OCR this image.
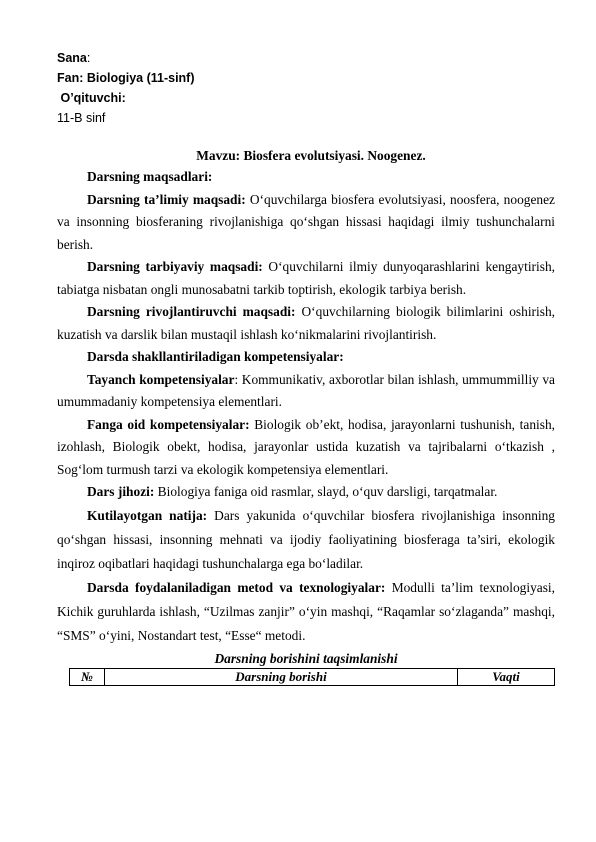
Sana:
Fan: Biologiya (11-sinf)
O’qituvchi:
11-B sinf
Mavzu: Biosfera evolutsiyasi. Noogenez.

Darsning maqsadlari:

Darsning ta’limiy maqsadi: O‘quvchilarga biosfera evolutsiyasi, noosfera, noogenez va insonning biosferaning rivojlanishiga qo‘shgan hissasi haqidagi ilmiy tushunchalarni berish.

Darsning tarbiyaviy maqsadi: O‘quvchilarni ilmiy dunyoqarashlarini kengaytirish, tabiatga nisbatan ongli munosabatni tarkib toptirish, ekologik tarbiya berish.

Darsning rivojlantiruvchi maqsadi: O‘quvchilarning biologik bilimlarini oshirish, kuzatish va darslik bilan mustaqil ishlash ko‘nikmalarini rivojlantirish.

Darsda shakllantiriladigan kompetensiyalar:

Tayanch kompetensiyalar: Kommunikativ, axborotlar bilan ishlash, ummummilliy va umummadaniy kompetensiya elementlari.

Fanga oid kompetensiyalar: Biologik ob’ekt, hodisa, jarayonlarni tushunish, tanish, izohlash, Biologik obekt, hodisa, jarayonlar ustida kuzatish va tajribalarni o‘tkazish , Sog‘lom turmush tarzi va ekologik kompetensiya elementlari.

Dars jihozi: Biologiya faniga oid rasmlar, slayd, o‘quv darsligi, tarqatmalar.

Kutilayotgan natija: Dars yakunida o‘quvchilar biosfera rivojlanishiga insonning qo‘shgan hissasi, insonning mehnati va ijodiy faoliyatining biosferaga ta’siri, ekologik inqiroz oqibatlari haqidagi tushunchalarga ega bo‘ladilar.

Darsda foydalaniladigan metod va texnologiyalar: Modulli ta’lim texnologiyasi, Kichik guruhlarda ishlash, “Uzilmas zanjir” o‘yin mashqi, “Raqamlar so‘zlaganda” mashqi, “SMS” o‘yini, Nostandart test, “Esse“ metodi.

Darsning borishini taqsimlanishi
№	Darsning borishi	Vaqti
